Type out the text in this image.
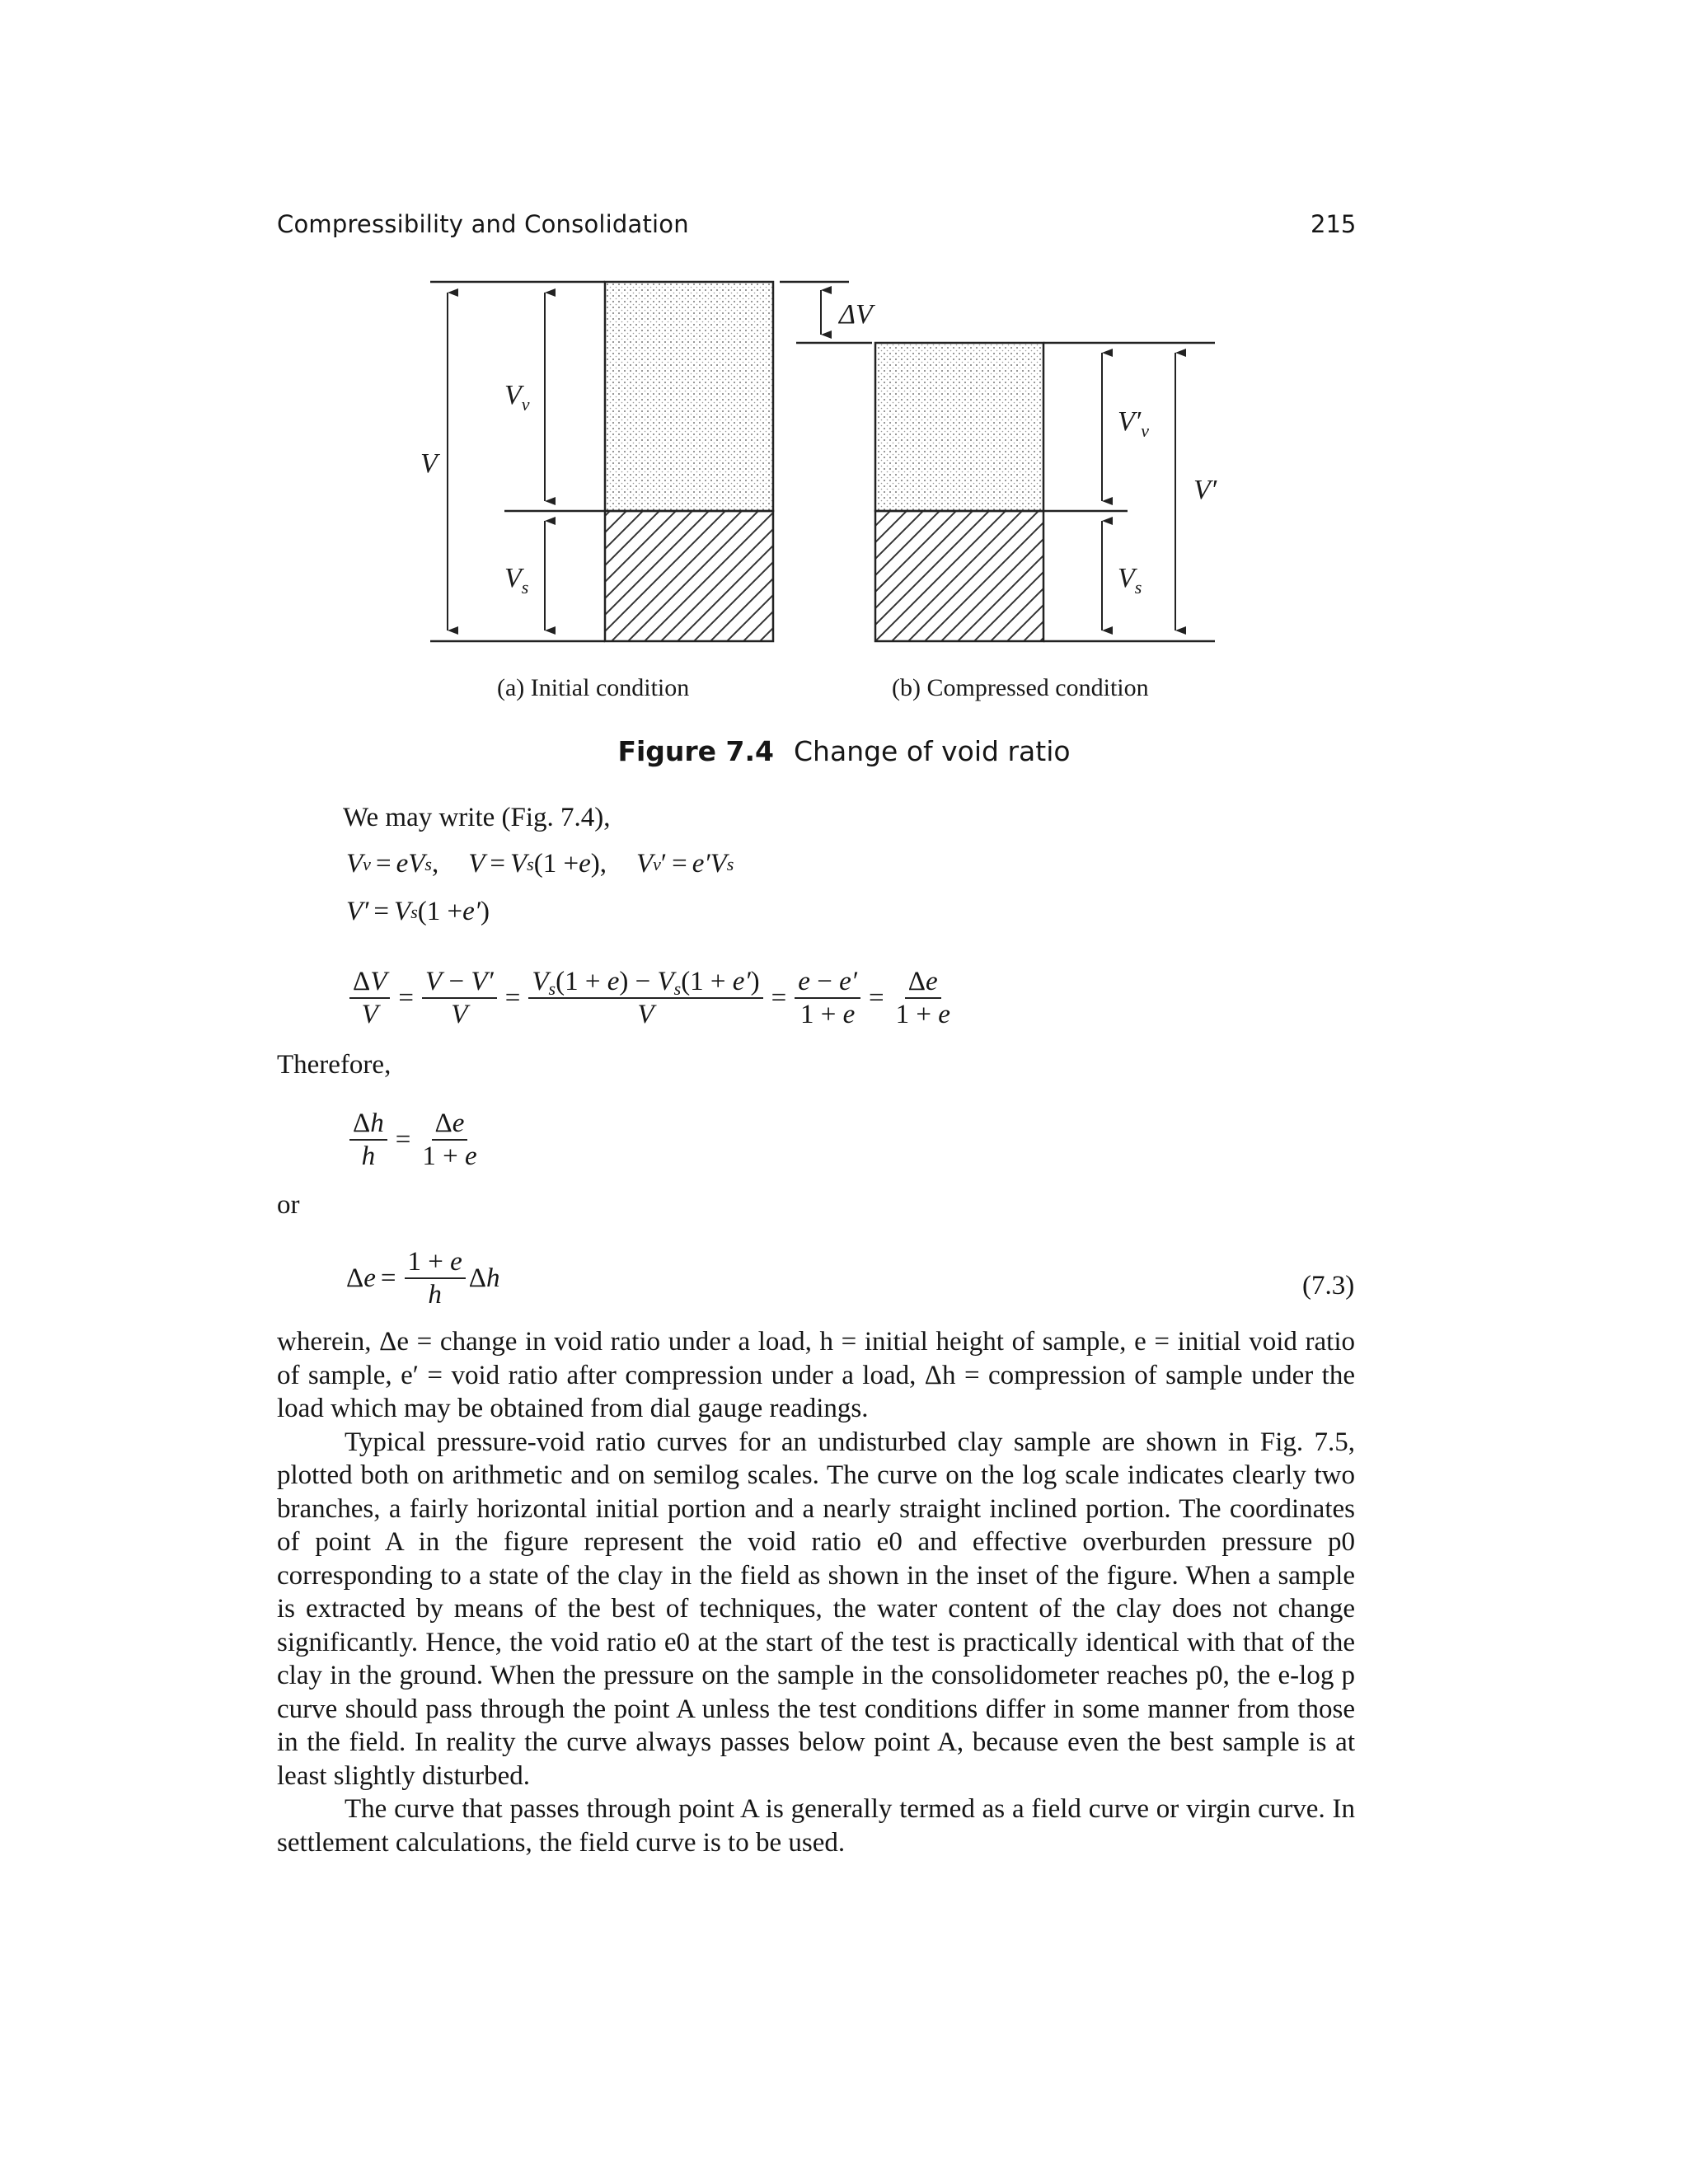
Compressibility and Consolidation	215
V
$V_v$
$V_s$
(a) Initial condition
ΔV
$V'_v$
$V_s$
V′
(b) Compressed condition
Figure 7.4 Change of void ratio
We may write (Fig. 7.4),
V v = eV s , V = V s (1 + e ), V v ′ = e′V s
V′ = V s (1 + e′ )
$\frac{\Delta V}{V} = \frac{V - V'}{V} = \frac{V_s(1 + e) - V_s(1 + e')}{V} = \frac{e - e'}{1 + e} = \frac{\Delta e}{1 + e}$
Therefore,
$\frac{\Delta h}{h} = \frac{\Delta e}{1 + e}$
or
$\Delta e = \frac{1 + e}{h}$ Δh	(7.3)

wherein, Δe = change in void ratio under a load, h = initial height of sample, e = initial void ratio of sample, e′ = void ratio after compression under a load, Δh = compression of sample under the load which may be obtained from dial gauge readings.

Typical pressure-void ratio curves for an undisturbed clay sample are shown in Fig. 7.5, plotted both on arithmetic and on semilog scales. The curve on the log scale indicates clearly two branches, a fairly horizontal initial portion and a nearly straight inclined portion. The coordinates of point A in the figure represent the void ratio e0 and effective overburden pressure p0 corresponding to a state of the clay in the field as shown in the inset of the figure. When a sample is extracted by means of the best of techniques, the water content of the clay does not change significantly. Hence, the void ratio e0 at the start of the test is practically identical with that of the clay in the ground. When the pressure on the sample in the consolidometer reaches p0, the e-log p curve should pass through the point A unless the test conditions differ in some manner from those in the field. In reality the curve always passes below point A, because even the best sample is at least slightly disturbed.

The curve that passes through point A is generally termed as a field curve or virgin curve. In settlement calculations, the field curve is to be used.
